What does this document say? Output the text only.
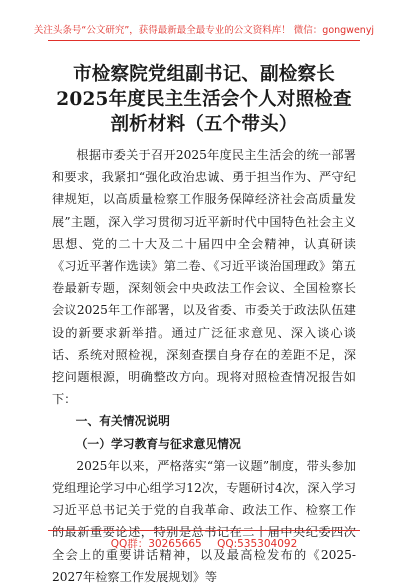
关注头条号“公文研究”，获得最新最全最专业的公文资料库！ 微信：gongwenyj
市检察院党组副书记、副检察长2025年度民主生活会个人对照检查剖析材料（五个带头）

根据市委关于召开2025年度民主生活会的统一部署和要求，我紧扣“强化政治忠诚、勇于担当作为、严守纪律规矩，以高质量检察工作服务保障经济社会高质量发展”主题，深入学习贯彻习近平新时代中国特色社会主义思想、党的二十大及二十届四中全会精神，认真研读《习近平著作选读》第二卷、《习近平谈治国理政》第五卷最新专题，深刻领会中央政法工作会议、全国检察长会议2025年工作部署，以及省委、市委关于政法队伍建设的新要求新举措。通过广泛征求意见、深入谈心谈话、系统对照检视，深刻查摆自身存在的差距不足，深挖问题根源，明确整改方向。现将对照检查情况报告如下：

一、有关情况说明

（一）学习教育与征求意见情况

2025年以来，严格落实“第一议题”制度，带头参加党组理论学习中心组学习12次，专题研讨4次，深入学习习近平总书记关于党的自我革命、政法工作、检察工作的最新重要论述，特别是总书记在二十届中央纪委四次全会上的重要讲话精神，以及最高检发布的《2025-2027年检察工作发展规划》等

QQ群：30265665 QQ:535304092
